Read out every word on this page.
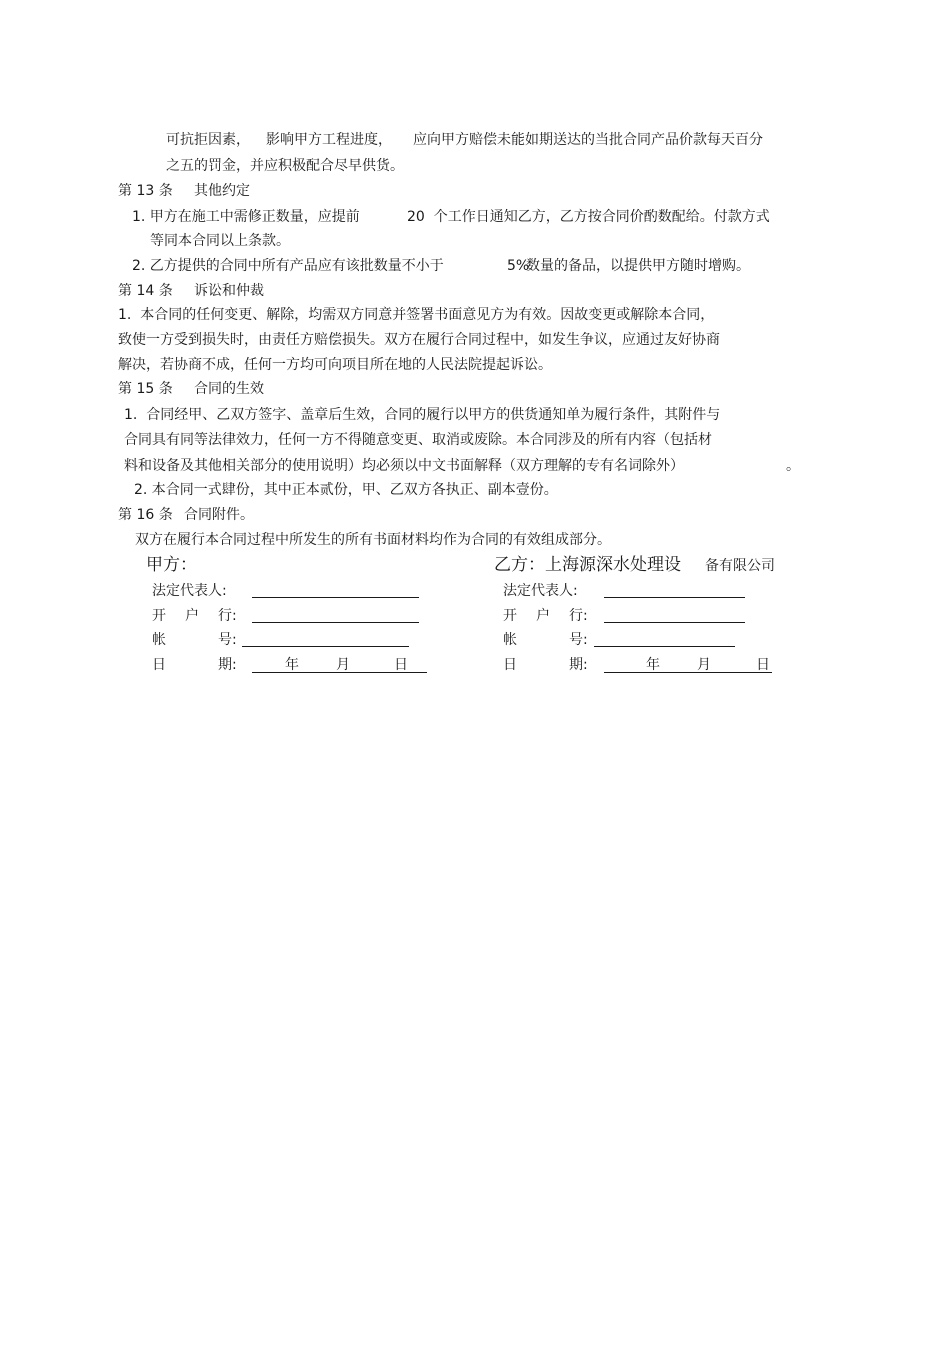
可抗拒因素， 影响甲方工程进度， 应向甲方赔偿未能如期送达的当批合同产品价款每天百分
之五的罚金，并应积极配合尽早供货。
第 13 条 其他约定
1. 甲方在施工中需修正数量，应提前	20  个工作日通知乙方，乙方按合同价酌数配给。付款方式
等同本合同以上条款。
2. 乙方提供的合同中所有产品应有该批数量不小于	5%
数量的备品，以提供甲方随时增购。
第 14 条 诉讼和仲裁
1.  本合同的任何变更、解除，均需双方同意并签署书面意见方为有效。因故变更或解除本合同，
致使一方受到损失时，由责任方赔偿损失。双方在履行合同过程中，如发生争议，应通过友好协商
解决，若协商不成，任何一方均可向项目所在地的人民法院提起诉讼。
第 15 条 合同的生效
1.  合同经甲、乙双方签字、盖章后生效，合同的履行以甲方的供货通知单为履行条件，其附件与
合同具有同等法律效力，任何一方不得随意变更、取消或废除。本合同涉及的所有内容（包括材
料和设备及其他相关部分的使用说明）均必须以中文书面解释（双方理解的专有名词除外）	。
2. 本合同一式肆份，其中正本贰份，甲、乙双方各执正、副本壹份。
第 16 条 合同附件。
双方在履行本合同过程中所发生的所有书面材料均作为合同的有效组成部分。
甲方：
法定代表人:
开 户 行:
帐	号:
日	期:	年	月	日
乙方：上海源深水处理设 备有限公司
法定代表人:
开 户 行:
帐	号:
日	期:	年	月	日
